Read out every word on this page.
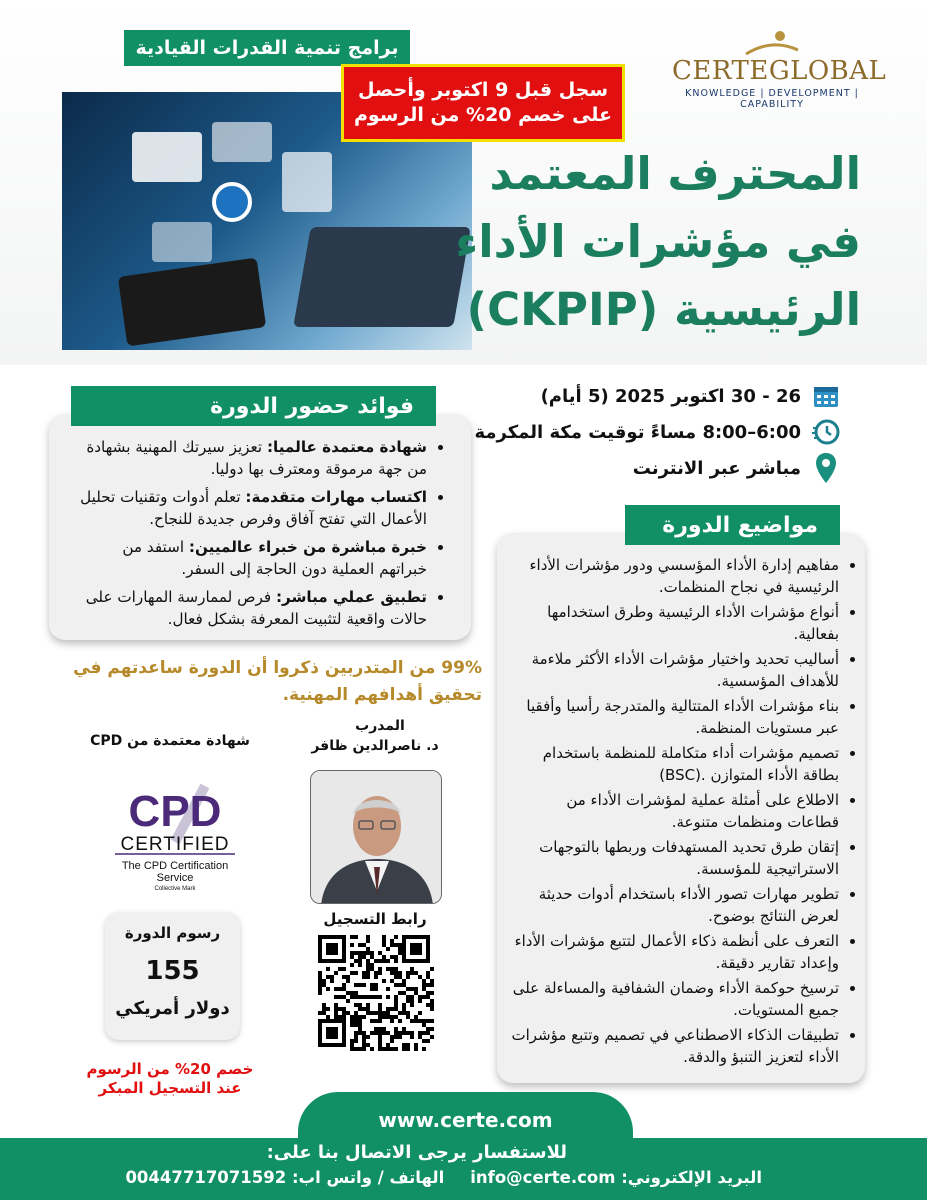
برامج تنمية القدرات القيادية
سجل قبل 9 اكتوبر وأحصل
على خصم 20% من الرسوم
CERTEGLOBAL
KNOWLEDGE | DEVELOPMENT | CAPABILITY
المحترف المعتمد
في مؤشرات الأداء
الرئيسية (CKPIP)
26 - 30 اكتوبر 2025 (5 أيام)
6:00–8:00 مساءً توقيت مكة المكرمة
مباشر عبر الانترنت
فوائد حضور الدورة
• شهادة معتمدة عالميا: تعزيز سيرتك المهنية بشهادة من جهة مرموقة ومعترف بها دوليا.
• اكتساب مهارات متقدمة: تعلم أدوات وتقنيات تحليل الأعمال التي تفتح آفاق وفرص جديدة للنجاح.
• خبرة مباشرة من خبراء عالميين: استفد من خبراتهم العملية دون الحاجة إلى السفر.
• تطبيق عملي مباشر: فرص لممارسة المهارات على حالات واقعية لتثبيت المعرفة بشكل فعال.
مواضيع الدورة
• مفاهيم إدارة الأداء المؤسسي ودور مؤشرات الأداء الرئيسية في نجاح المنظمات.
• أنواع مؤشرات الأداء الرئيسية وطرق استخدامها بفعالية.
• أساليب تحديد واختيار مؤشرات الأداء الأكثر ملاءمة للأهداف المؤسسية.
• بناء مؤشرات الأداء المتتالية والمتدرجة رأسيا وأفقيا عبر مستويات المنظمة.
• تصميم مؤشرات أداء متكاملة للمنظمة باستخدام بطاقة الأداء المتوازن .(BSC)
• الاطلاع على أمثلة عملية لمؤشرات الأداء من قطاعات ومنظمات متنوعة.
• إتقان طرق تحديد المستهدفات وربطها بالتوجهات الاستراتيجية للمؤسسة.
• تطوير مهارات تصور الأداء باستخدام أدوات حديثة لعرض النتائج بوضوح.
• التعرف على أنظمة ذكاء الأعمال لتتبع مؤشرات الأداء وإعداد تقارير دقيقة.
• ترسيخ حوكمة الأداء وضمان الشفافية والمساءلة على جميع المستويات.
• تطبيقات الذكاء الاصطناعي في تصميم وتتبع مؤشرات الأداء لتعزيز التنبؤ والدقة.
99% من المتدربين ذكروا أن الدورة ساعدتهم في تحقيق أهدافهم المهنية.
المدرب
د. ناصرالدين ظافر
رابط التسجيل
شهادة معتمدة من CPD
CPD
CERTIFIED
The CPD Certification
Service
Collective Mark
رسوم الدورة
155
دولار أمريكي
خصم 20% من الرسوم
عند التسجيل المبكر
www.certe.com
للاستفسار يرجى الاتصال بنا على:
البريد الإلكتروني: info@certe.com
الهاتف / واتس اب: 00447717071592
